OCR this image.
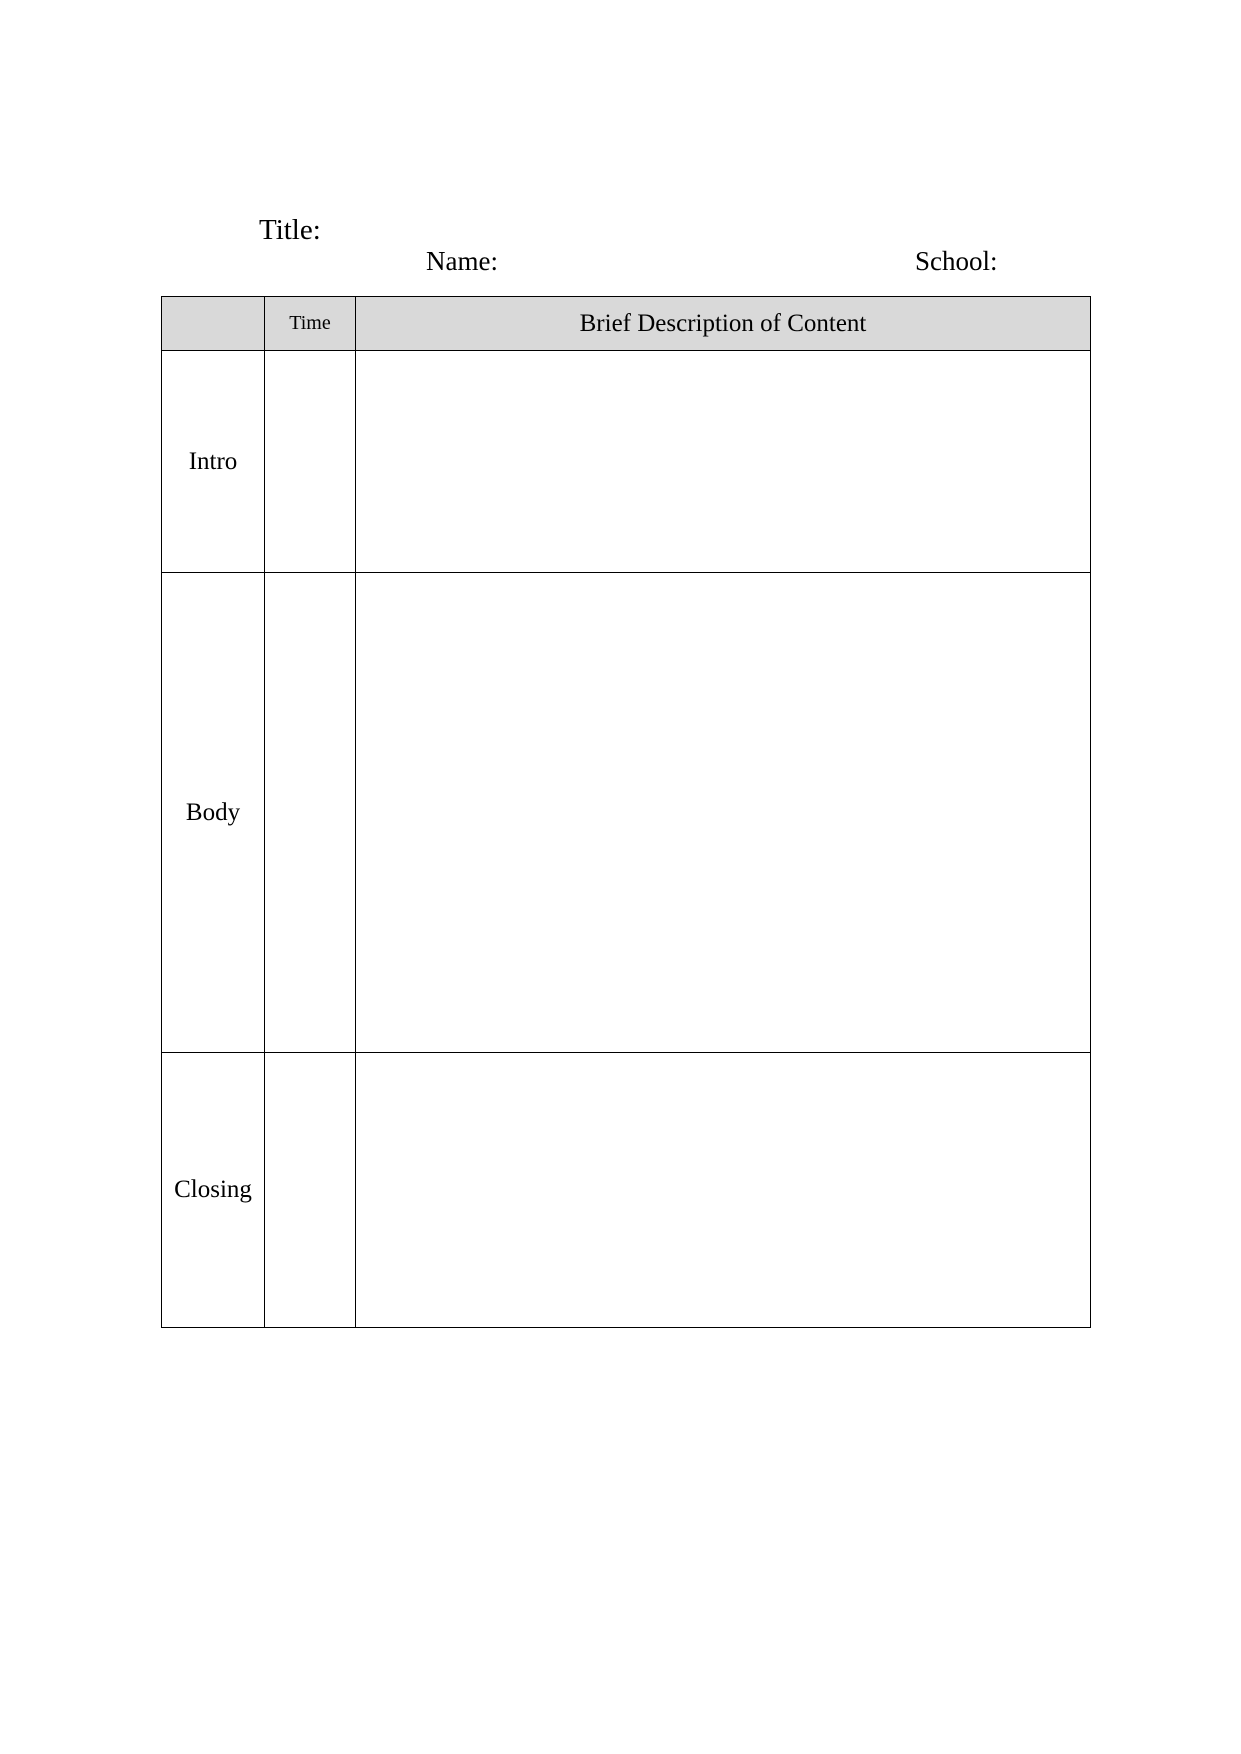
Title:
Name:	School:
	Time	Brief Description of Content
Intro		
Body		
Closing		
